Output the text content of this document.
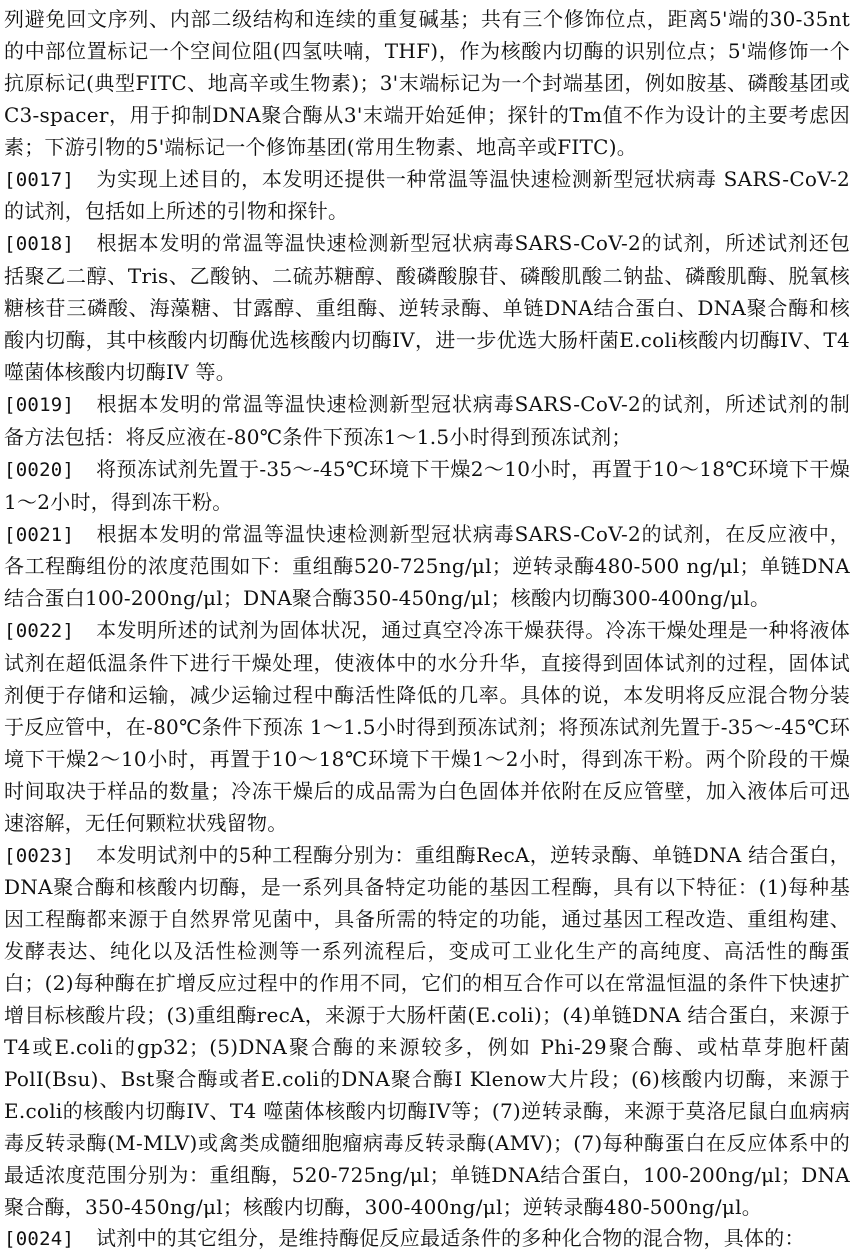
列避免回文序列、内部二级结构和连续的重复碱基；共有三个修饰位点，距离5'端的30-35nt的中部位置标记一个空间位阻(四氢呋喃，THF)，作为核酸内切酶的识别位点；5'端修饰一个抗原标记(典型FITC、地高辛或生物素)；3'末端标记为一个封端基团，例如胺基、磷酸基团或C3-spacer，用于抑制DNA聚合酶从3'末端开始延伸；探针的Tm值不作为设计的主要考虑因素；下游引物的5'端标记一个修饰基团(常用生物素、地高辛或FITC)。

[0017] 为实现上述目的，本发明还提供一种常温等温快速检测新型冠状病毒 SARS-CoV-2的试剂，包括如上所述的引物和探针。

[0018] 根据本发明的常温等温快速检测新型冠状病毒SARS-CoV-2的试剂，所述试剂还包括聚乙二醇、Tris、乙酸钠、二硫苏糖醇、酸磷酸腺苷、磷酸肌酸二钠盐、磷酸肌酶、脱氧核糖核苷三磷酸、海藻糖、甘露醇、重组酶、逆转录酶、单链DNA结合蛋白、DNA聚合酶和核酸内切酶，其中核酸内切酶优选核酸内切酶IV，进一步优选大肠杆菌E.coli核酸内切酶IV、T4噬菌体核酸内切酶IV 等。

[0019] 根据本发明的常温等温快速检测新型冠状病毒SARS-CoV-2的试剂，所述试剂的制备方法包括：将反应液在-80℃条件下预冻1～1.5小时得到预冻试剂；

[0020] 将预冻试剂先置于-35～-45℃环境下干燥2～10小时，再置于10～18℃环境下干燥1～2小时，得到冻干粉。

[0021] 根据本发明的常温等温快速检测新型冠状病毒SARS-CoV-2的试剂，在反应液中，各工程酶组份的浓度范围如下：重组酶520-725ng/μl；逆转录酶480-500 ng/μl；单链DNA结合蛋白100-200ng/μl；DNA聚合酶350-450ng/μl；核酸内切酶300-400ng/μl。

[0022] 本发明所述的试剂为固体状况，通过真空冷冻干燥获得。冷冻干燥处理是一种将液体试剂在超低温条件下进行干燥处理，使液体中的水分升华，直接得到固体试剂的过程，固体试剂便于存储和运输，减少运输过程中酶活性降低的几率。具体的说，本发明将反应混合物分装于反应管中，在-80℃条件下预冻 1～1.5小时得到预冻试剂；将预冻试剂先置于-35～-45℃环境下干燥2～10小时，再置于10～18℃环境下干燥1～2小时，得到冻干粉。两个阶段的干燥时间取决于样品的数量；冷冻干燥后的成品需为白色固体并依附在反应管壁，加入液体后可迅速溶解，无任何颗粒状残留物。

[0023] 本发明试剂中的5种工程酶分别为：重组酶RecA，逆转录酶、单链DNA 结合蛋白，DNA聚合酶和核酸内切酶，是一系列具备特定功能的基因工程酶，具有以下特征：(1)每种基因工程酶都来源于自然界常见菌中，具备所需的特定的功能，通过基因工程改造、重组构建、发酵表达、纯化以及活性检测等一系列流程后，变成可工业化生产的高纯度、高活性的酶蛋白；(2)每种酶在扩增反应过程中的作用不同，它们的相互合作可以在常温恒温的条件下快速扩增目标核酸片段；(3)重组酶recA，来源于大肠杆菌(E.coli)；(4)单链DNA 结合蛋白，来源于T4或E.coli的gp32；(5)DNA聚合酶的来源较多，例如 Phi-29聚合酶、或枯草芽胞杆菌PolI(Bsu)、Bst聚合酶或者E.coli的DNA聚合酶I Klenow大片段；(6)核酸内切酶，来源于E.coli的核酸内切酶IV、T4 噬菌体核酸内切酶IV等；(7)逆转录酶，来源于莫洛尼鼠白血病病毒反转录酶(M-MLV)或禽类成髓细胞瘤病毒反转录酶(AMV)；(7)每种酶蛋白在反应体系中的最适浓度范围分别为：重组酶，520-725ng/μl；单链DNA结合蛋白，100-200ng/μl；DNA聚合酶，350-450ng/μl；核酸内切酶，300-400ng/μl；逆转录酶480-500ng/μl。

[0024] 试剂中的其它组分，是维持酶促反应最适条件的多种化合物的混合物，具体的：
